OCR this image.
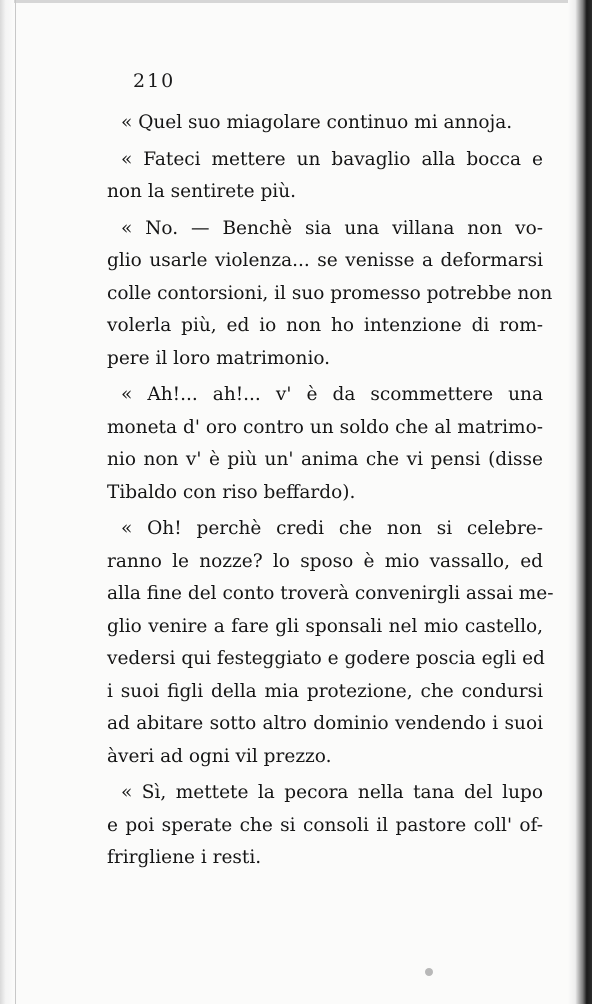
210
« Quel suo miagolare continuo mi annoja.
« Fateci mettere un bavaglio alla bocca e
non la sentirete più.
« No. — Benchè sia una villana non vo-
glio usarle violenza... se venisse a deformarsi
colle contorsioni, il suo promesso potrebbe non
volerla più, ed io non ho intenzione di rom-
pere il loro matrimonio.
« Ah!... ah!... v' è da scommettere una
moneta d' oro contro un soldo che al matrimo-
nio non v' è più un' anima che vi pensi (disse
Tibaldo con riso beffardo).
« Oh! perchè credi che non si celebre-
ranno le nozze? lo sposo è mio vassallo, ed
alla fine del conto troverà convenirgli assai me-
glio venire a fare gli sponsali nel mio castello,
vedersi qui festeggiato e godere poscia egli ed
i suoi figli della mia protezione, che condursi
ad abitare sotto altro dominio vendendo i suoi
àveri ad ogni vil prezzo.
« Sì, mettete la pecora nella tana del lupo
e poi sperate che si consoli il pastore coll' of-
frirgliene i resti.
